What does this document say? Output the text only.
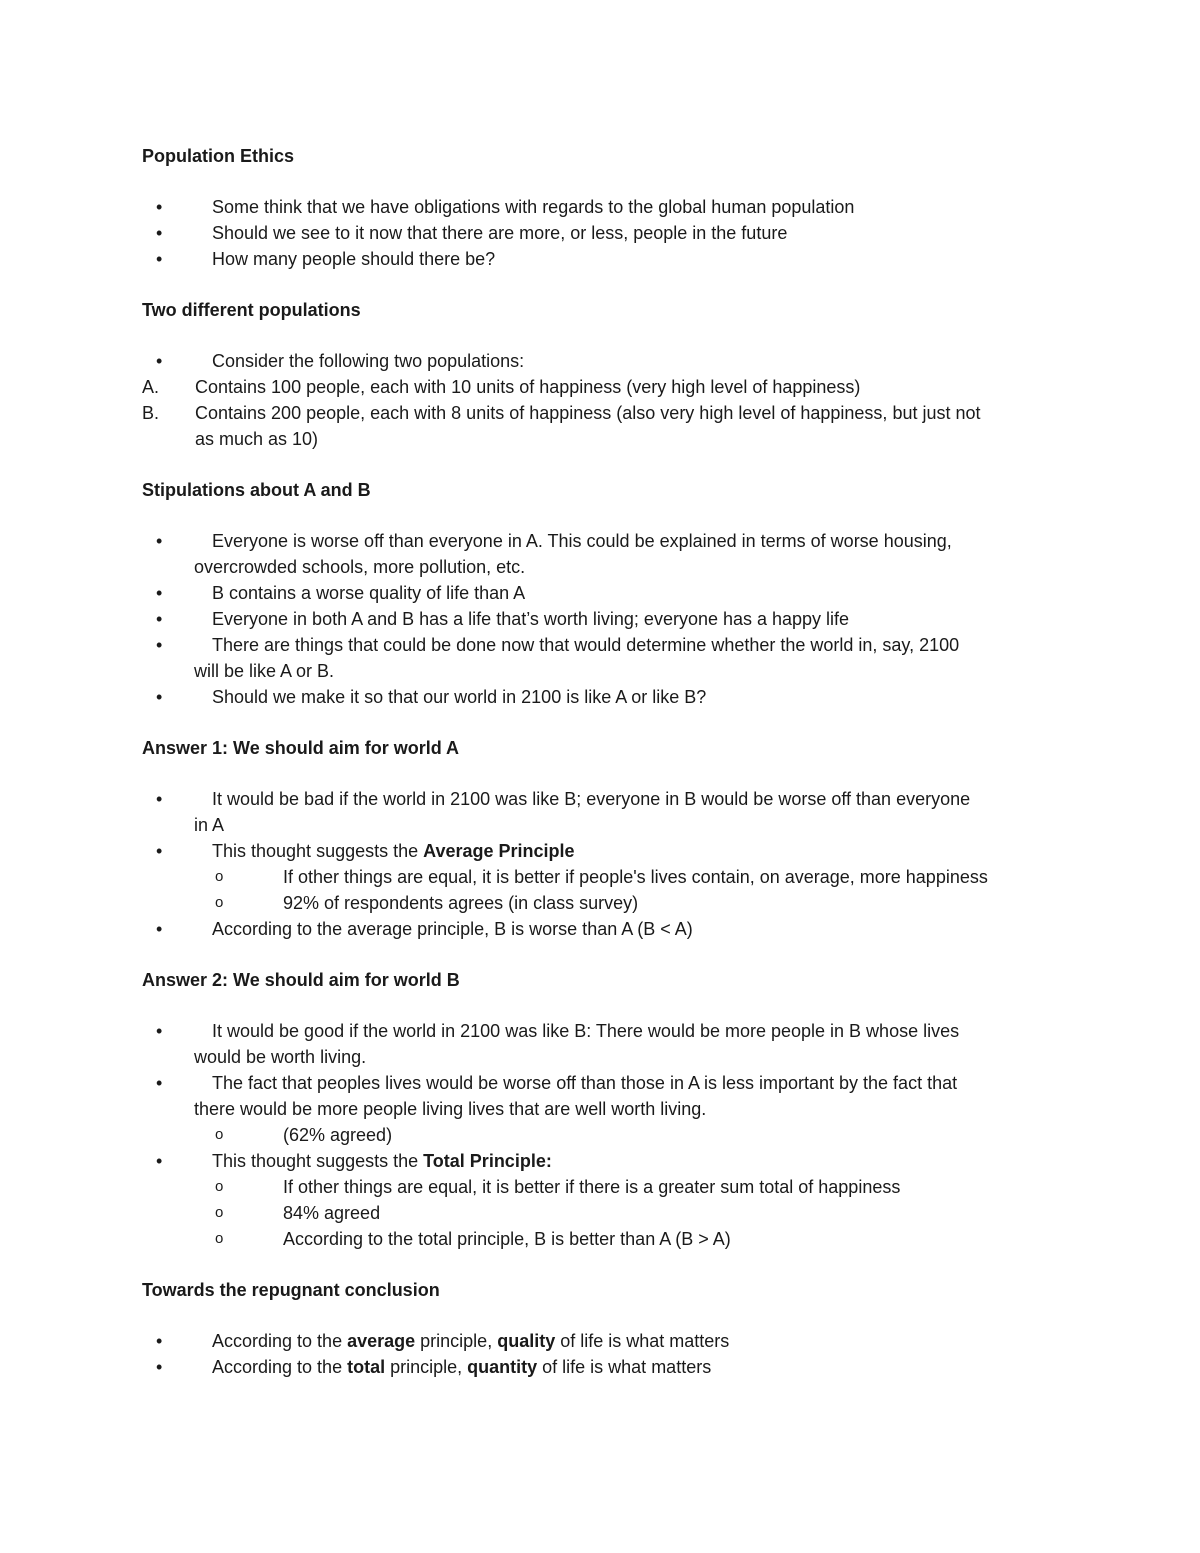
Population Ethics

•	Some think that we have obligations with regards to the global human population
•	Should we see to it now that there are more, or less, people in the future
•	How many people should there be?

Two different populations

•	Consider the following two populations:
A. Contains 100 people, each with 10 units of happiness (very high level of happiness)
B. Contains 200 people, each with 8 units of happiness (also very high level of happiness, but just not
as much as 10)

Stipulations about A and B

•	Everyone is worse off than everyone in A. This could be explained in terms of worse housing,
overcrowded schools, more pollution, etc.
•	B contains a worse quality of life than A
•	Everyone in both A and B has a life that’s worth living; everyone has a happy life
•	There are things that could be done now that would determine whether the world in, say, 2100
will be like A or B.
•	Should we make it so that our world in 2100 is like A or like B?

Answer 1: We should aim for world A

•	It would be bad if the world in 2100 was like B; everyone in B would be worse off than everyone
in A
•	This thought suggests the Average Principle
o	If other things are equal, it is better if people's lives contain, on average, more happiness
o	92% of respondents agrees (in class survey)
•	According to the average principle, B is worse than A (B < A)

Answer 2: We should aim for world B

•	It would be good if the world in 2100 was like B: There would be more people in B whose lives
would be worth living.
•	The fact that peoples lives would be worse off than those in A is less important by the fact that
there would be more people living lives that are well worth living.
o	(62% agreed)
•	This thought suggests the Total Principle:
o	If other things are equal, it is better if there is a greater sum total of happiness
o	84% agreed
o	According to the total principle, B is better than A (B > A)

Towards the repugnant conclusion

•	According to the average principle, quality of life is what matters
•	According to the total principle, quantity of life is what matters
